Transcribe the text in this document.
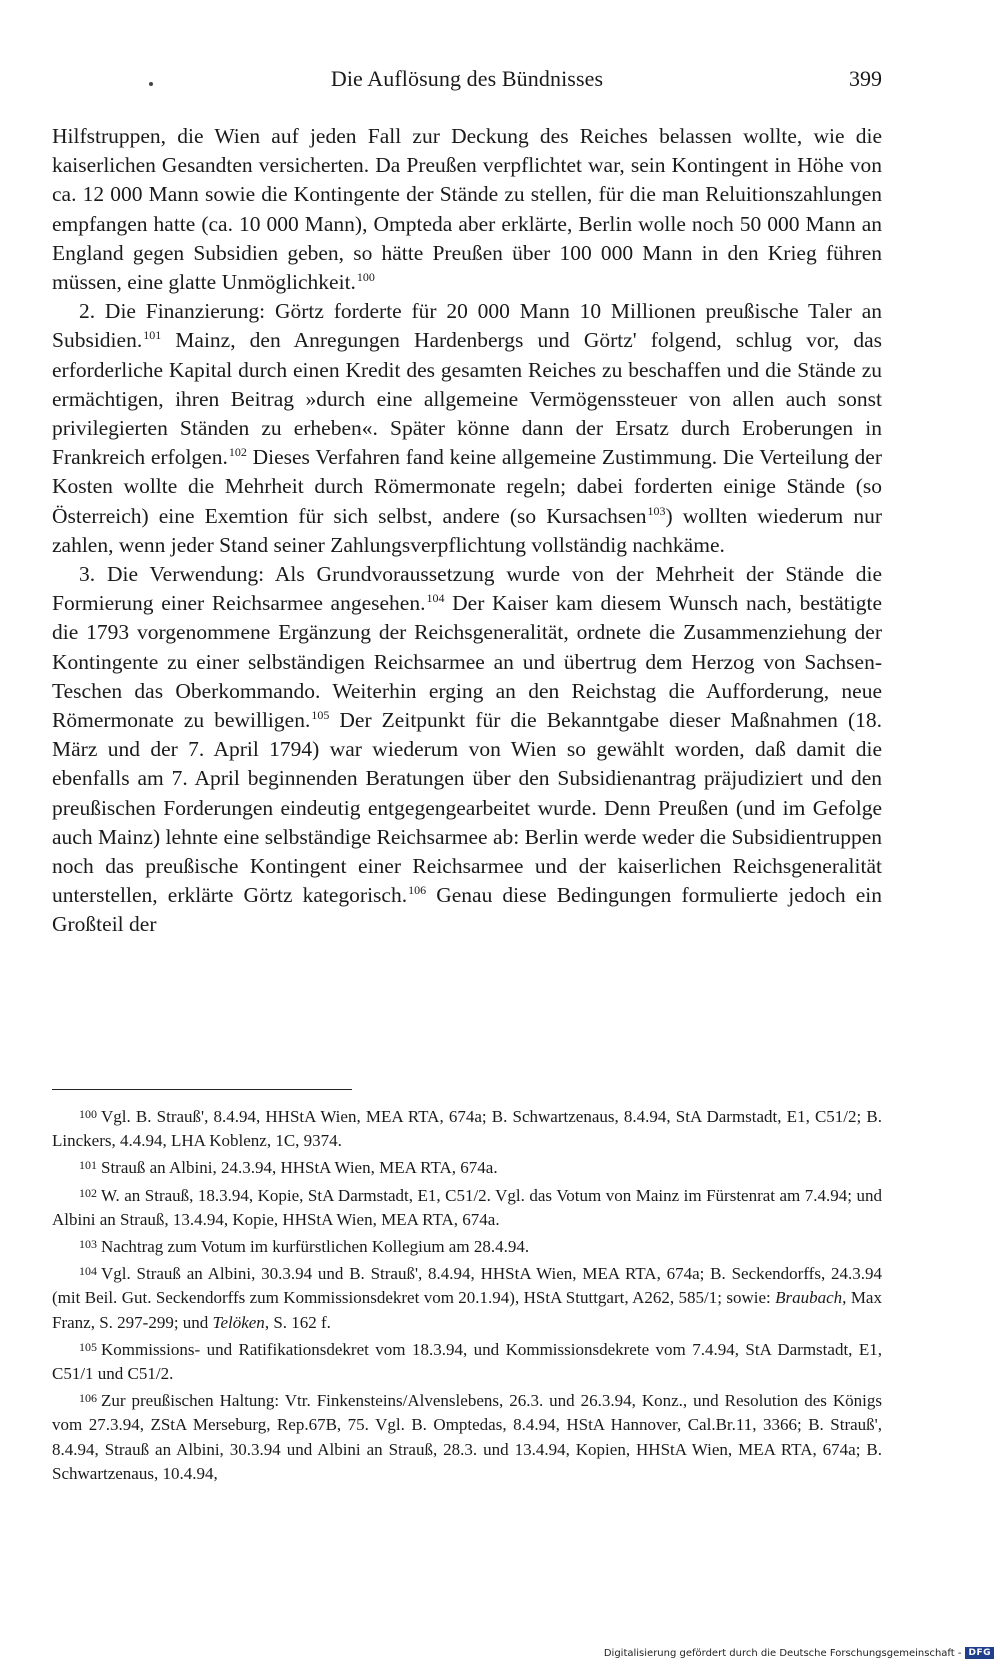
Die Auflösung des Bündnisses	399

Hilfstruppen, die Wien auf jeden Fall zur Deckung des Reiches belassen wollte, wie die kaiserlichen Gesandten versicherten. Da Preußen verpflichtet war, sein Kontingent in Höhe von ca. 12 000 Mann sowie die Kontingente der Stände zu stellen, für die man Reluitionszahlungen empfangen hatte (ca. 10 000 Mann), Ompteda aber erklärte, Berlin wolle noch 50 000 Mann an England gegen Subsidien geben, so hätte Preußen über 100 000 Mann in den Krieg führen müssen, eine glatte Unmöglichkeit.$^{100}$

2. Die Finanzierung: Görtz forderte für 20 000 Mann 10 Millionen preußische Taler an Subsidien.$^{101}$ Mainz, den Anregungen Hardenbergs und Görtz' folgend, schlug vor, das erforderliche Kapital durch einen Kredit des gesamten Reiches zu beschaffen und die Stände zu ermächtigen, ihren Beitrag »durch eine allgemeine Vermögenssteuer von allen auch sonst privilegierten Ständen zu erheben«. Später könne dann der Ersatz durch Eroberungen in Frankreich erfolgen.$^{102}$ Dieses Verfahren fand keine allgemeine Zustimmung. Die Verteilung der Kosten wollte die Mehrheit durch Römermonate regeln; dabei forderten einige Stände (so Österreich) eine Exemtion für sich selbst, andere (so Kursachsen$^{103}$) wollten wiederum nur zahlen, wenn jeder Stand seiner Zahlungsverpflichtung vollständig nachkäme.

3. Die Verwendung: Als Grundvoraussetzung wurde von der Mehrheit der Stände die Formierung einer Reichsarmee angesehen.$^{104}$ Der Kaiser kam diesem Wunsch nach, bestätigte die 1793 vorgenommene Ergänzung der Reichsgeneralität, ordnete die Zusammenziehung der Kontingente zu einer selbständigen Reichsarmee an und übertrug dem Herzog von Sachsen-Teschen das Oberkommando. Weiterhin erging an den Reichstag die Aufforderung, neue Römermonate zu bewilligen.$^{105}$ Der Zeitpunkt für die Bekanntgabe dieser Maßnahmen (18. März und der 7. April 1794) war wiederum von Wien so gewählt worden, daß damit die ebenfalls am 7. April beginnenden Beratungen über den Subsidienantrag präjudiziert und den preußischen Forderungen eindeutig entgegengearbeitet wurde. Denn Preußen (und im Gefolge auch Mainz) lehnte eine selbständige Reichsarmee ab: Berlin werde weder die Subsidientruppen noch das preußische Kontingent einer Reichsarmee und der kaiserlichen Reichsgeneralität unterstellen, erklärte Görtz kategorisch.$^{106}$ Genau diese Bedingungen formulierte jedoch ein Großteil der

$^{100}$ Vgl. B. Strauß', 8.4.94, HHStA Wien, MEA RTA, 674a; B. Schwartzenaus, 8.4.94, StA Darmstadt, E1, C51/2; B. Linckers, 4.4.94, LHA Koblenz, 1C, 9374.

$^{101}$ Strauß an Albini, 24.3.94, HHStA Wien, MEA RTA, 674a.

$^{102}$ W. an Strauß, 18.3.94, Kopie, StA Darmstadt, E1, C51/2. Vgl. das Votum von Mainz im Fürstenrat am 7.4.94; und Albini an Strauß, 13.4.94, Kopie, HHStA Wien, MEA RTA, 674a.

$^{103}$ Nachtrag zum Votum im kurfürstlichen Kollegium am 28.4.94.

$^{104}$ Vgl. Strauß an Albini, 30.3.94 und B. Strauß', 8.4.94, HHStA Wien, MEA RTA, 674a; B. Seckendorffs, 24.3.94 (mit Beil. Gut. Seckendorffs zum Kommissionsdekret vom 20.1.94), HStA Stuttgart, A262, 585/1; sowie: Braubach, Max Franz, S. 297-299; und Telöken, S. 162 f.

$^{105}$ Kommissions- und Ratifikationsdekret vom 18.3.94, und Kommissionsdekrete vom 7.4.94, StA Darmstadt, E1, C51/1 und C51/2.

$^{106}$ Zur preußischen Haltung: Vtr. Finkensteins/Alvenslebens, 26.3. und 26.3.94, Konz., und Resolution des Königs vom 27.3.94, ZStA Merseburg, Rep.67B, 75. Vgl. B. Omptedas, 8.4.94, HStA Hannover, Cal.Br.11, 3366; B. Strauß', 8.4.94, Strauß an Albini, 30.3.94 und Albini an Strauß, 28.3. und 13.4.94, Kopien, HHStA Wien, MEA RTA, 674a; B. Schwartzenaus, 10.4.94,

Digitalisierung gefördert durch die Deutsche Forschungsgemeinschaft - DFG
